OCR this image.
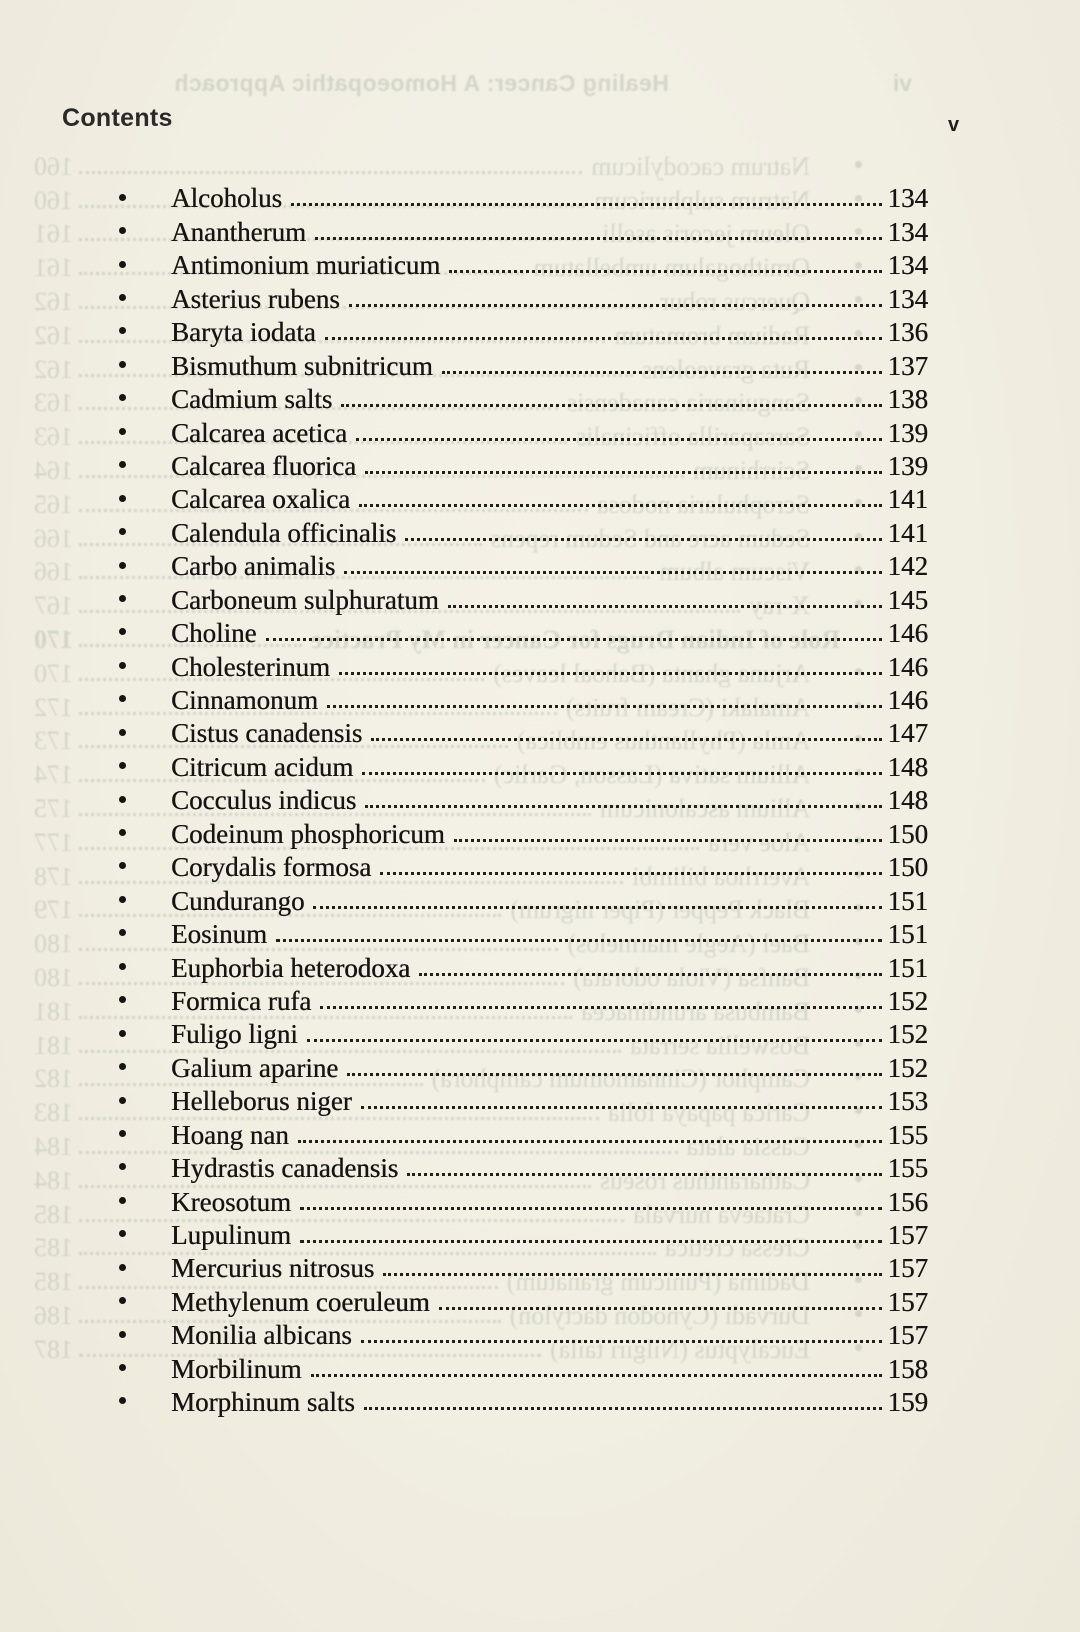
vi
Healing Cancer: A Homoeopathic Approach
Natrum cacodylicum
160
Natrum sulphuricum
160
Oleum jecoris aselli
161
Ornithogalum umbellatum
161
Quercus robur
162
Radium bromatum
162
Ruta graveolens
162
Sanguinaria canadensis
163
Sarsaparilla officinalis
163
Scirrhinum
164
Scrophularia nodosa
165
Sedum acre and Sedum repens
166
Viscum album
166
X-ray
167
Role of Indian Drugs for Cancer in My Practice
170
Arjuna ghanta (Bahoal leaves)
170
Amalaki (Cream fruits)
172
Amla (Phyllanthus emblica)
173
Allium sativa (Lasson, Garlic)
174
Allium ascalonicum
175
Aloe vera
177
Averrhoa bilimbi
178
Black Pepper (Piper nigrum)
179
Bael (Aegle marmelos)
180
Banfsa (Viola odorata)
180
Bambusa arundinacea
181
Boswellia serrata
181
Camphor (Cinnamomum camphora)
182
Carica papaya folia
183
Cassia alata
184
Catharanthus roseus
184
Crataeva nurvala
185
Cressa cretica
185
Dadima (Punicum granatum)
185
Durvadi (Cynodon dactylon)
186
Eucalyptus (Nilgiri taila)
187
Contents	v
Alcoholus	134
Anantherum	134
Antimonium muriaticum	134
Asterius rubens	134
Baryta iodata	136
Bismuthum subnitricum	137
Cadmium salts	138
Calcarea acetica	139
Calcarea fluorica	139
Calcarea oxalica	141
Calendula officinalis	141
Carbo animalis	142
Carboneum sulphuratum	145
Choline	146
Cholesterinum	146
Cinnamonum	146
Cistus canadensis	147
Citricum acidum	148
Cocculus indicus	148
Codeinum phosphoricum	150
Corydalis formosa	150
Cundurango	151
Eosinum	151
Euphorbia heterodoxa	151
Formica rufa	152
Fuligo ligni	152
Galium aparine	152
Helleborus niger	153
Hoang nan	155
Hydrastis canadensis	155
Kreosotum	156
Lupulinum	157
Mercurius nitrosus	157
Methylenum coeruleum	157
Monilia albicans	157
Morbilinum	158
Morphinum salts	159
